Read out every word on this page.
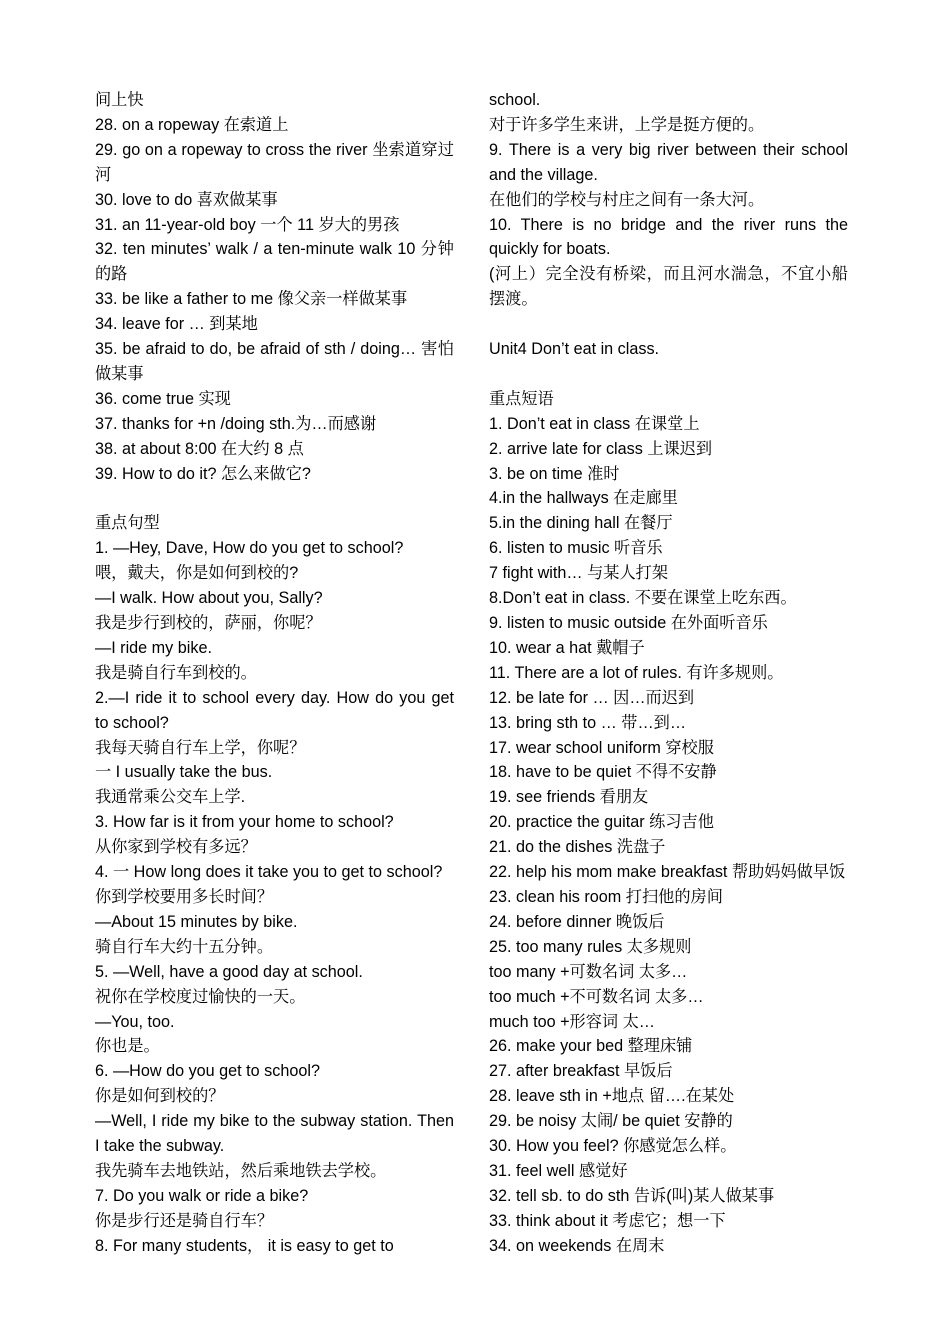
间上快
28. on a ropeway 在索道上
29. go on a ropeway to cross the river 坐索道穿过河
30. love to do 喜欢做某事
31. an 11-year-old boy 一个 11 岁大的男孩
32. ten minutes’ walk / a ten-minute walk 10 分钟的路
33. be like a father to me 像父亲一样做某事
34. leave for … 到某地
35. be afraid to do, be afraid of sth / doing… 害怕做某事
36. come true 实现
37. thanks for +n /doing sth.为…而感谢
38. at about 8:00 在大约 8 点
39. How to do it? 怎么来做它?
重点句型
1. —Hey, Dave, How do you get to school?
喂，戴夫，你是如何到校的?
—I walk. How about you, Sally?
我是步行到校的，萨丽，你呢？
—I ride my bike.
我是骑自行车到校的。
2.—I ride it to school every day. How do you get to school?
我每天骑自行车上学，你呢？
一 I usually take the bus.
我通常乘公交车上学.
3. How far is it from your home to school?
从你家到学校有多远？
4. 一 How long does it take you to get to school?
你到学校要用多长时间？
—About 15 minutes by bike.
骑自行车大约十五分钟。
5. —Well, have a good day at school.
祝你在学校度过愉快的一天。
—You, too.
你也是。
6. —How do you get to school?
你是如何到校的？
—Well, I ride my bike to the subway station. Then I take the subway.
我先骑车去地铁站，然后乘地铁去学校。
7. Do you walk or ride a bike?
你是步行还是骑自行车？
8. For many students， it is easy to get to
school.
对于许多学生来讲，上学是挺方便的。
9. There is a very big river between their school and the village.
在他们的学校与村庄之间有一条大河。
10. There is no bridge and the river runs the quickly for boats.
(河上）完全没有桥梁，而且河水湍急，不宜小船摆渡。
Unit4 Don’t eat in class.
重点短语
1. Don’t eat in class 在课堂上
2. arrive late for class 上课迟到
3. be on time 准时
4.in the hallways 在走廊里
5.in the dining hall 在餐厅
6. listen to music 听音乐
7 fight with… 与某人打架
8.Don’t eat in class. 不要在课堂上吃东西。
9. listen to music outside 在外面听音乐
10. wear a hat 戴帽子
11. There are a lot of rules. 有许多规则。
12. be late for … 因…而迟到
13. bring sth to … 带…到…
17. wear school uniform 穿校服
18. have to be quiet 不得不安静
19. see friends 看朋友
20. practice the guitar 练习吉他
21. do the dishes 洗盘子
22. help his mom make breakfast 帮助妈妈做早饭
23. clean his room 打扫他的房间
24. before dinner 晚饭后
25. too many rules 太多规则
too many +可数名词 太多…
too much +不可数名词 太多…
much too +形容词 太…
26. make your bed 整理床铺
27. after breakfast 早饭后
28. leave sth in +地点 留….在某处
29. be noisy 太闹/ be quiet 安静的
30. How you feel? 你感觉怎么样。
31. feel well 感觉好
32. tell sb. to do sth 告诉(叫)某人做某事
33. think about it 考虑它；想一下
34. on weekends 在周末
